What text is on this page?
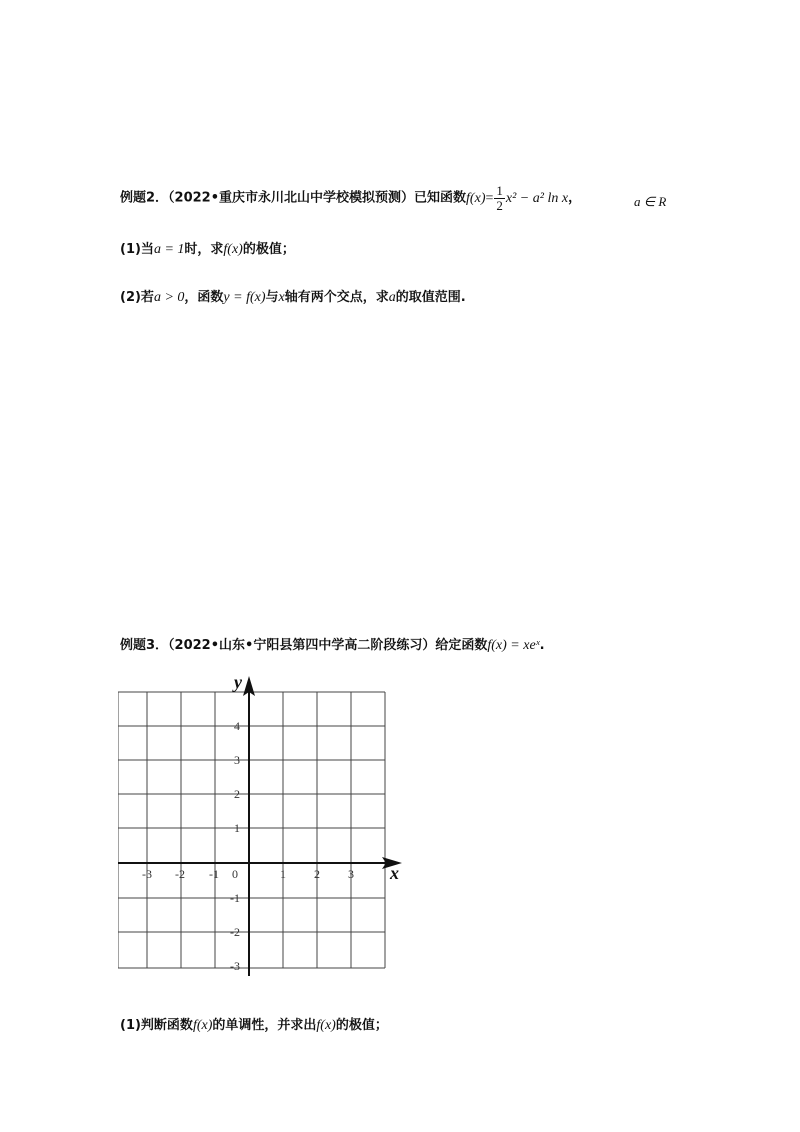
例题2．（2022•重庆市永川北山中学校模拟预测）已知函数$f(x)= \frac{1}{2} x^2 - a^2$ ln x，	a ∈ R
(1)当a = 1时，求f(x)的极值；
(2)若a > 0，函数y = f(x)与x轴有两个交点，求a的取值范围.
例题3．（2022•山东•宁阳县第四中学高二阶段练习）给定函数f(x) = xeˣ.
x
y
-3 -2 -1 0	1 2 3
4
3
2
1
-1
-2
-3
(1)判断函数f(x)的单调性，并求出f(x)的极值；
